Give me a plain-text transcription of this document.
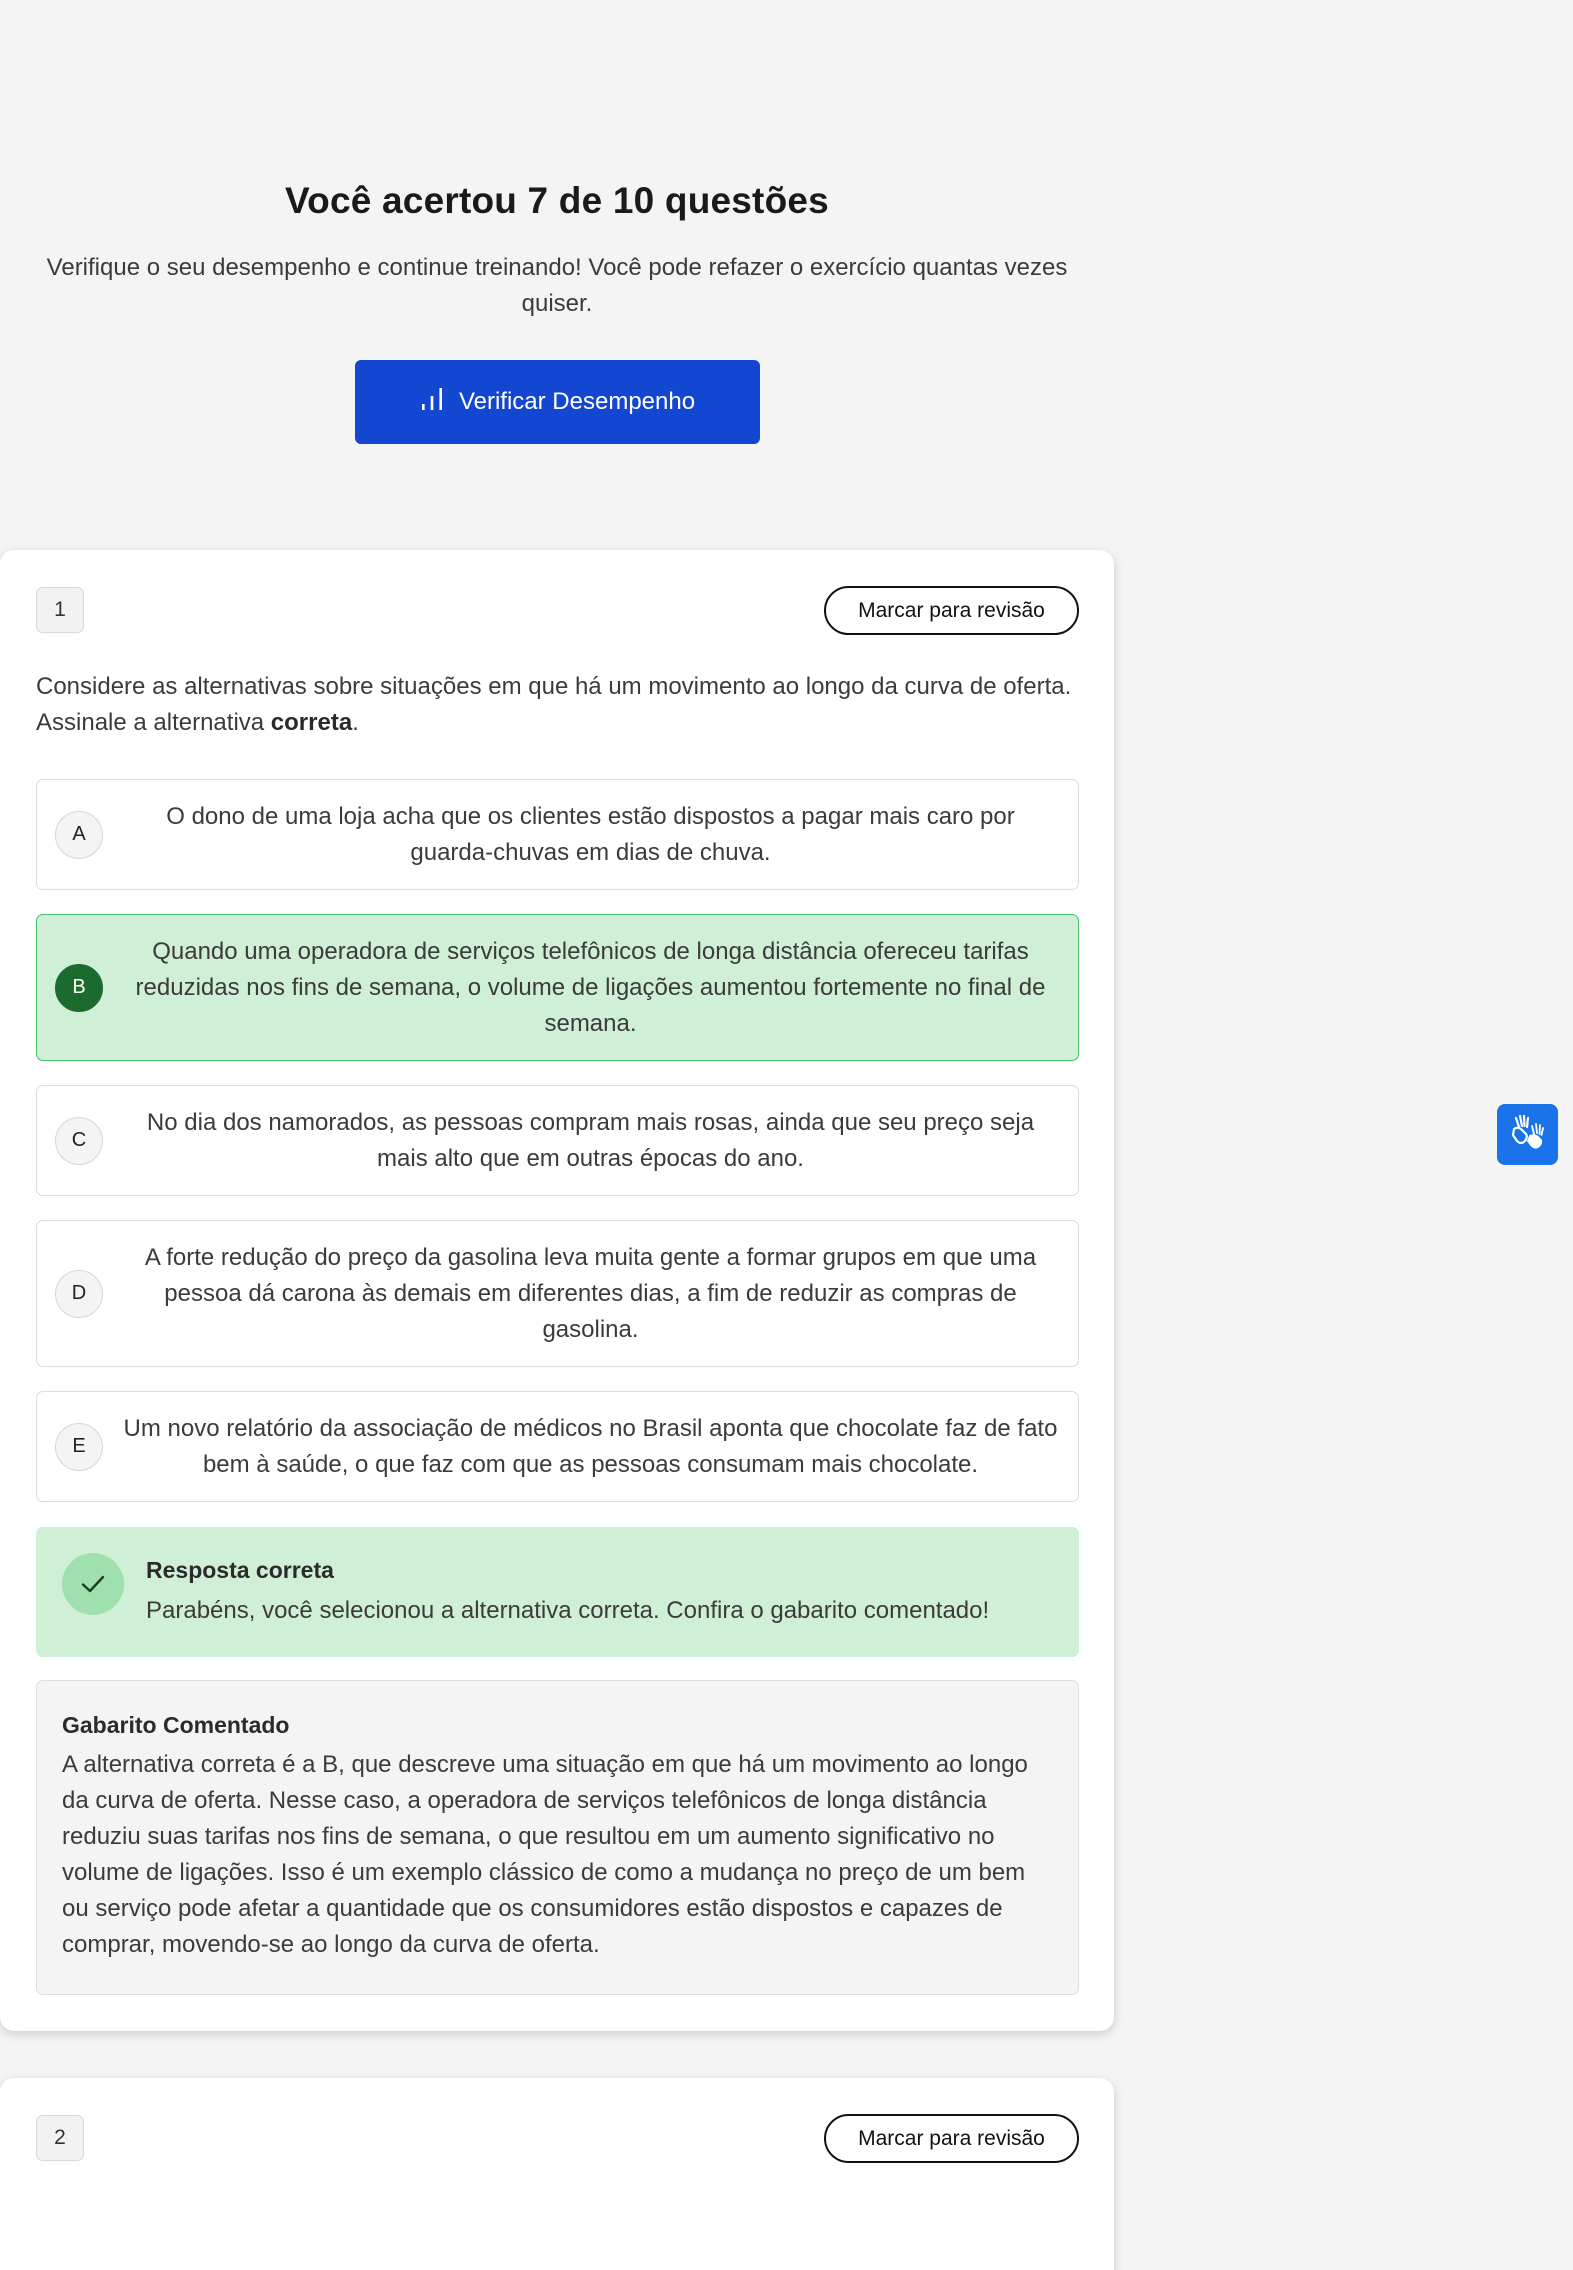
Você acertou 7 de 10 questões

Verifique o seu desempenho e continue treinando! Você pode refazer o exercício quantas vezes quiser.

Verificar Desempenho
1	Marcar para revisão

Considere as alternativas sobre situações em que há um movimento ao longo da curva de oferta. Assinale a alternativa correta.

A
O dono de uma loja acha que os clientes estão dispostos a pagar mais caro por guarda-chuvas em dias de chuva.
B
Quando uma operadora de serviços telefônicos de longa distância ofereceu tarifas reduzidas nos fins de semana, o volume de ligações aumentou fortemente no final de semana.
C
No dia dos namorados, as pessoas compram mais rosas, ainda que seu preço seja mais alto que em outras épocas do ano.
D
A forte redução do preço da gasolina leva muita gente a formar grupos em que uma pessoa dá carona às demais em diferentes dias, a fim de reduzir as compras de gasolina.
E
Um novo relatório da associação de médicos no Brasil aponta que chocolate faz de fato bem à saúde, o que faz com que as pessoas consumam mais chocolate.
Resposta correta
Parabéns, você selecionou a alternativa correta. Confira o gabarito comentado!
Gabarito Comentado

A alternativa correta é a B, que descreve uma situação em que há um movimento ao longo da curva de oferta. Nesse caso, a operadora de serviços telefônicos de longa distância reduziu suas tarifas nos fins de semana, o que resultou em um aumento significativo no volume de ligações. Isso é um exemplo clássico de como a mudança no preço de um bem ou serviço pode afetar a quantidade que os consumidores estão dispostos e capazes de comprar, movendo-se ao longo da curva de oferta.

2	Marcar para revisão
